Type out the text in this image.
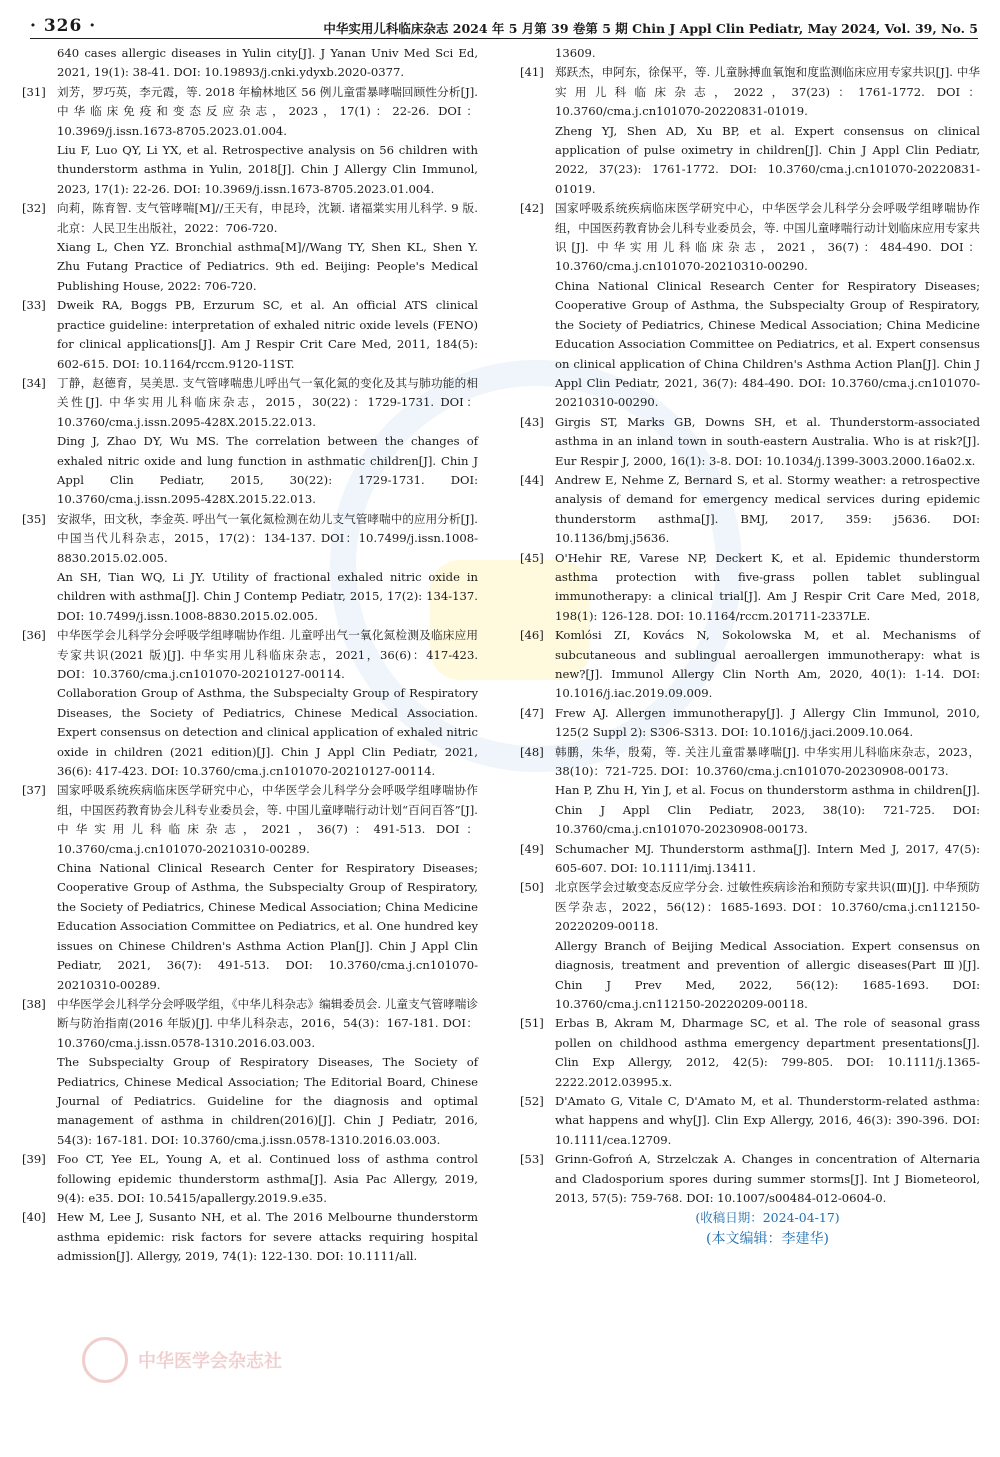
· 326 ·	中华实用儿科临床杂志 2024 年 5 月第 39 卷第 5 期 Chin J Appl Clin Pediatr, May 2024, Vol. 39, No. 5

640 cases allergic diseases in Yulin city[J]. J Yanan Univ Med Sci Ed, 2021, 19(1): 38-41. DOI: 10.19893/j.cnki.ydyxb.2020-0377.

[31] 刘芳，罗巧英，李元霞，等. 2018 年榆林地区 56 例儿童雷暴哮喘回顾性分析[J]. 中华临床免疫和变态反应杂志，2023，17(1)：22-26. DOI：10.3969/j.issn.1673-8705.2023.01.004.

Liu F, Luo QY, Li YX, et al. Retrospective analysis on 56 children with thunderstorm asthma in Yulin, 2018[J]. Chin J Allergy Clin Immunol, 2023, 17(1): 22-26. DOI: 10.3969/j.issn.1673-8705.2023.01.004.

[32] 向莉，陈育智. 支气管哮喘[M]//王天有，申昆玲，沈颖. 诸福棠实用儿科学. 9 版. 北京：人民卫生出版社，2022：706-720.

Xiang L, Chen YZ. Bronchial asthma[M]//Wang TY, Shen KL, Shen Y. Zhu Futang Practice of Pediatrics. 9th ed. Beijing: People's Medical Publishing House, 2022: 706-720.

[33] Dweik RA, Boggs PB, Erzurum SC, et al. An official ATS clinical practice guideline: interpretation of exhaled nitric oxide levels (FENO) for clinical applications[J]. Am J Respir Crit Care Med, 2011, 184(5): 602-615. DOI: 10.1164/rccm.9120-11ST.

[34] 丁静，赵德育，吴美思. 支气管哮喘患儿呼出气一氧化氮的变化及其与肺功能的相关性[J]. 中华实用儿科临床杂志，2015，30(22)：1729-1731. DOI：10.3760/cma.j.issn.2095-428X.2015.22.013.

Ding J, Zhao DY, Wu MS. The correlation between the changes of exhaled nitric oxide and lung function in asthmatic children[J]. Chin J Appl Clin Pediatr, 2015, 30(22): 1729-1731. DOI: 10.3760/cma.j.issn.2095-428X.2015.22.013.

[35] 安淑华，田文秋，李金英. 呼出气一氧化氮检测在幼儿支气管哮喘中的应用分析[J]. 中国当代儿科杂志，2015，17(2)：134-137. DOI：10.7499/j.issn.1008-8830.2015.02.005.

An SH, Tian WQ, Li JY. Utility of fractional exhaled nitric oxide in children with asthma[J]. Chin J Contemp Pediatr, 2015, 17(2): 134-137. DOI: 10.7499/j.issn.1008-8830.2015.02.005.

[36] 中华医学会儿科学分会呼吸学组哮喘协作组. 儿童呼出气一氧化氮检测及临床应用专家共识(2021 版)[J]. 中华实用儿科临床杂志，2021，36(6)：417-423. DOI：10.3760/cma.j.cn101070-20210127-00114.

Collaboration Group of Asthma, the Subspecialty Group of Respiratory Diseases, the Society of Pediatrics, Chinese Medical Association. Expert consensus on detection and clinical application of exhaled nitric oxide in children (2021 edition)[J]. Chin J Appl Clin Pediatr, 2021, 36(6): 417-423. DOI: 10.3760/cma.j.cn101070-20210127-00114.

[37] 国家呼吸系统疾病临床医学研究中心，中华医学会儿科学分会呼吸学组哮喘协作组，中国医药教育协会儿科专业委员会，等. 中国儿童哮喘行动计划“百问百答”[J]. 中华实用儿科临床杂志，2021，36(7)：491-513. DOI：10.3760/cma.j.cn101070-20210310-00289.

China National Clinical Research Center for Respiratory Diseases; Cooperative Group of Asthma, the Subspecialty Group of Respiratory, the Society of Pediatrics, Chinese Medical Association; China Medicine Education Association Committee on Pediatrics, et al. One hundred key issues on Chinese Children's Asthma Action Plan[J]. Chin J Appl Clin Pediatr, 2021, 36(7): 491-513. DOI: 10.3760/cma.j.cn101070-20210310-00289.

[38] 中华医学会儿科学分会呼吸学组，《中华儿科杂志》编辑委员会. 儿童支气管哮喘诊断与防治指南(2016 年版)[J]. 中华儿科杂志，2016，54(3)：167-181. DOI：10.3760/cma.j.issn.0578-1310.2016.03.003.

The Subspecialty Group of Respiratory Diseases, The Society of Pediatrics, Chinese Medical Association; The Editorial Board, Chinese Journal of Pediatrics. Guideline for the diagnosis and optimal management of asthma in children(2016)[J]. Chin J Pediatr, 2016, 54(3): 167-181. DOI: 10.3760/cma.j.issn.0578-1310.2016.03.003.

[39] Foo CT, Yee EL, Young A, et al. Continued loss of asthma control following epidemic thunderstorm asthma[J]. Asia Pac Allergy, 2019, 9(4): e35. DOI: 10.5415/apallergy.2019.9.e35.

[40] Hew M, Lee J, Susanto NH, et al. The 2016 Melbourne thunderstorm asthma epidemic: risk factors for severe attacks requiring hospital admission[J]. Allergy, 2019, 74(1): 122-130. DOI: 10.1111/all.

13609.

[41] 郑跃杰，申阿东，徐保平，等. 儿童脉搏血氧饱和度监测临床应用专家共识[J]. 中华实用儿科临床杂志，2022，37(23)：1761-1772. DOI：10.3760/cma.j.cn101070-20220831-01019.

Zheng YJ, Shen AD, Xu BP, et al. Expert consensus on clinical application of pulse oximetry in children[J]. Chin J Appl Clin Pediatr, 2022, 37(23): 1761-1772. DOI: 10.3760/cma.j.cn101070-20220831-01019.

[42] 国家呼吸系统疾病临床医学研究中心，中华医学会儿科学分会呼吸学组哮喘协作组，中国医药教育协会儿科专业委员会，等. 中国儿童哮喘行动计划临床应用专家共识[J]. 中华实用儿科临床杂志，2021，36(7)：484-490. DOI：10.3760/cma.j.cn101070-20210310-00290.

China National Clinical Research Center for Respiratory Diseases; Cooperative Group of Asthma, the Subspecialty Group of Respiratory, the Society of Pediatrics, Chinese Medical Association; China Medicine Education Association Committee on Pediatrics, et al. Expert consensus on clinical application of China Children's Asthma Action Plan[J]. Chin J Appl Clin Pediatr, 2021, 36(7): 484-490. DOI: 10.3760/cma.j.cn101070-20210310-00290.

[43] Girgis ST, Marks GB, Downs SH, et al. Thunderstorm-associated asthma in an inland town in south-eastern Australia. Who is at risk?[J]. Eur Respir J, 2000, 16(1): 3-8. DOI: 10.1034/j.1399-3003.2000.16a02.x.

[44] Andrew E, Nehme Z, Bernard S, et al. Stormy weather: a retrospective analysis of demand for emergency medical services during epidemic thunderstorm asthma[J]. BMJ, 2017, 359: j5636. DOI: 10.1136/bmj.j5636.

[45] O'Hehir RE, Varese NP, Deckert K, et al. Epidemic thunderstorm asthma protection with five-grass pollen tablet sublingual immunotherapy: a clinical trial[J]. Am J Respir Crit Care Med, 2018, 198(1): 126-128. DOI: 10.1164/rccm.201711-2337LE.

[46] Komlósi ZI, Kovács N, Sokolowska M, et al. Mechanisms of subcutaneous and sublingual aeroallergen immunotherapy: what is new?[J]. Immunol Allergy Clin North Am, 2020, 40(1): 1-14. DOI: 10.1016/j.iac.2019.09.009.

[47] Frew AJ. Allergen immunotherapy[J]. J Allergy Clin Immunol, 2010, 125(2 Suppl 2): S306-S313. DOI: 10.1016/j.jaci.2009.10.064.

[48] 韩鹏，朱华，殷菊，等. 关注儿童雷暴哮喘[J]. 中华实用儿科临床杂志，2023，38(10)：721-725. DOI：10.3760/cma.j.cn101070-20230908-00173.

Han P, Zhu H, Yin J, et al. Focus on thunderstorm asthma in children[J]. Chin J Appl Clin Pediatr, 2023, 38(10): 721-725. DOI: 10.3760/cma.j.cn101070-20230908-00173.

[49] Schumacher MJ. Thunderstorm asthma[J]. Intern Med J, 2017, 47(5): 605-607. DOI: 10.1111/imj.13411.

[50] 北京医学会过敏变态反应学分会. 过敏性疾病诊治和预防专家共识(Ⅲ)[J]. 中华预防医学杂志，2022，56(12)：1685-1693. DOI：10.3760/cma.j.cn112150-20220209-00118.

Allergy Branch of Beijing Medical Association. Expert consensus on diagnosis, treatment and prevention of allergic diseases(Part Ⅲ)[J]. Chin J Prev Med, 2022, 56(12): 1685-1693. DOI: 10.3760/cma.j.cn112150-20220209-00118.

[51] Erbas B, Akram M, Dharmage SC, et al. The role of seasonal grass pollen on childhood asthma emergency department presentations[J]. Clin Exp Allergy, 2012, 42(5): 799-805. DOI: 10.1111/j.1365-2222.2012.03995.x.

[52] D'Amato G, Vitale C, D'Amato M, et al. Thunderstorm-related asthma: what happens and why[J]. Clin Exp Allergy, 2016, 46(3): 390-396. DOI: 10.1111/cea.12709.

[53] Grinn-Gofroń A, Strzelczak A. Changes in concentration of Alternaria and Cladosporium spores during summer storms[J]. Int J Biometeorol, 2013, 57(5): 759-768. DOI: 10.1007/s00484-012-0604-0.

(收稿日期：2024-04-17)
(本文编辑：李建华)
中华医学会杂志社
